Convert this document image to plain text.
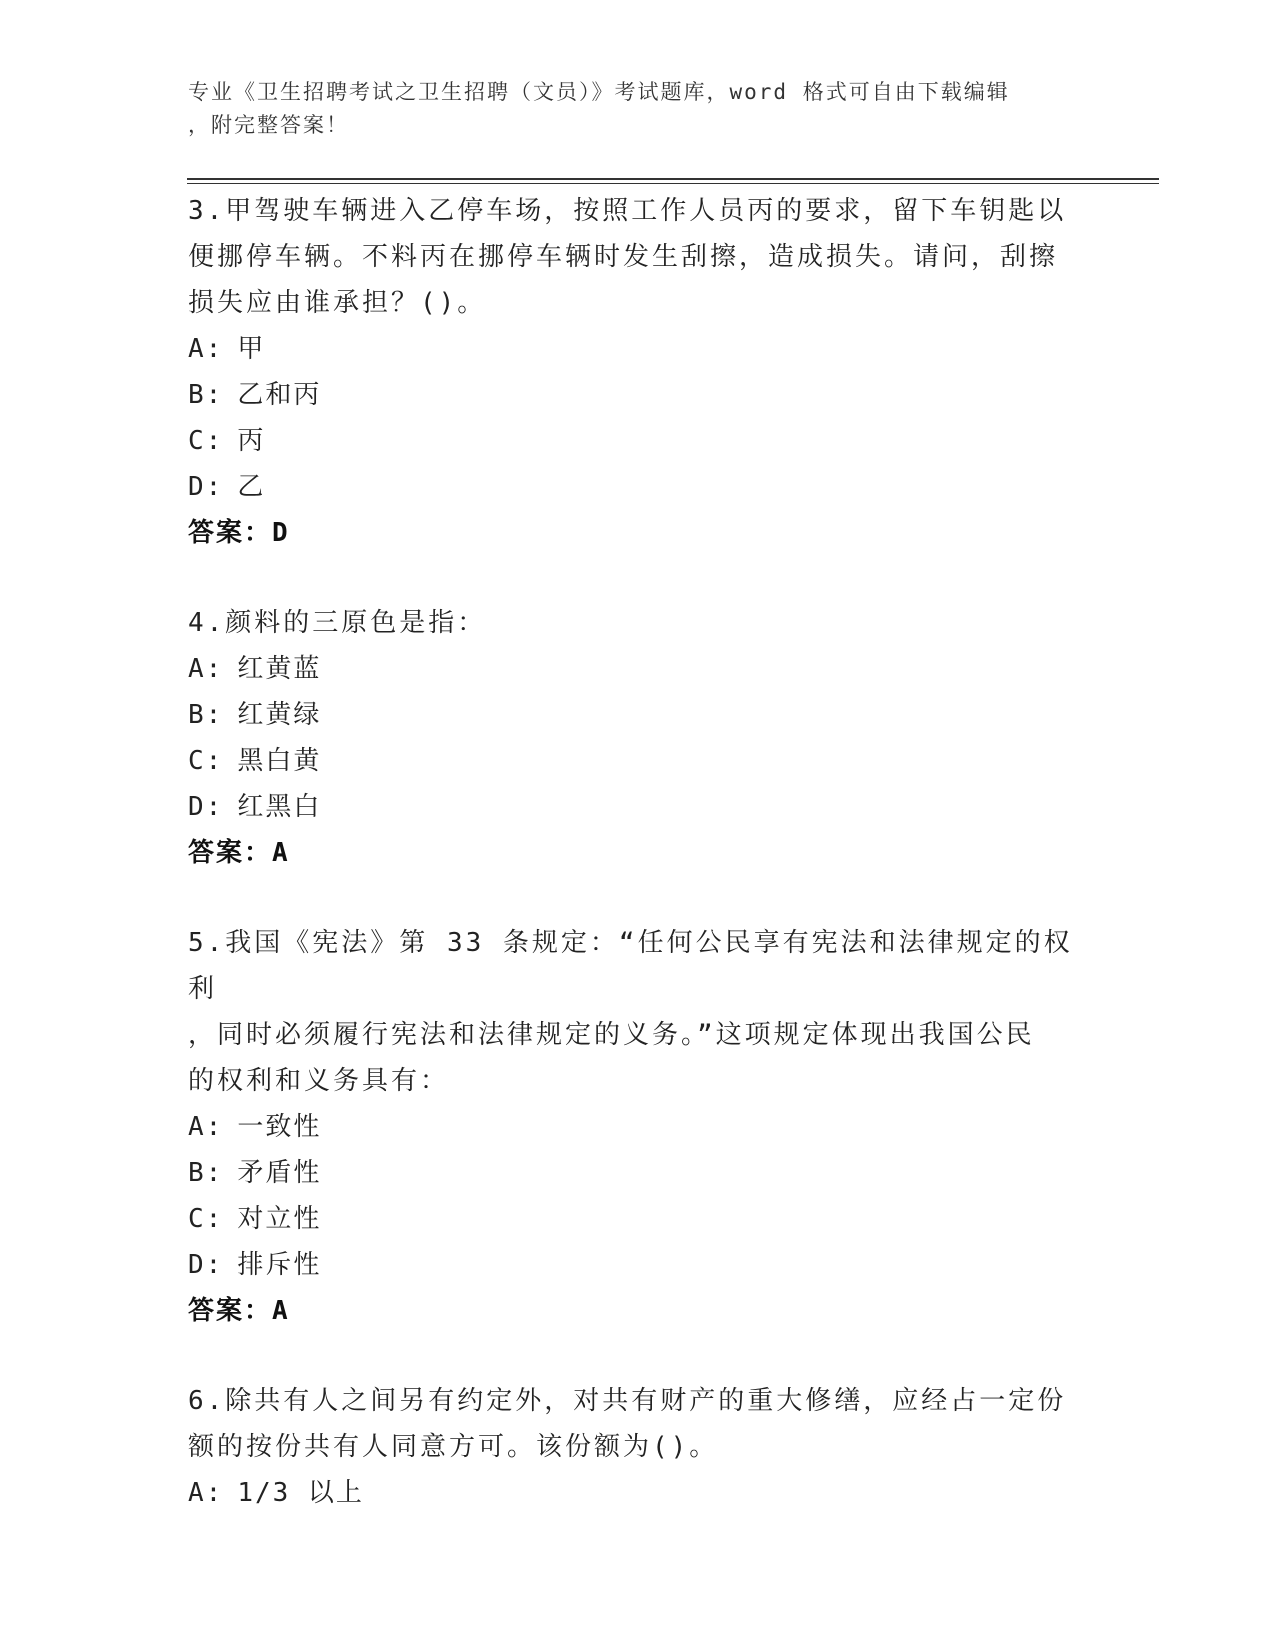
专业《卫生招聘考试之卫生招聘（文员）》考试题库，word 格式可自由下载编辑
，附完整答案！

3.甲驾驶车辆进入乙停车场，按照工作人员丙的要求，留下车钥匙以

便挪停车辆。不料丙在挪停车辆时发生刮擦，造成损失。请问，刮擦

损失应由谁承担？()。

A: 甲

B: 乙和丙

C: 丙

D: 乙

答案：D

4.颜料的三原色是指：

A: 红黄蓝

B: 红黄绿

C: 黑白黄

D: 红黑白

答案：A

5.我国《宪法》第 33 条规定：“任何公民享有宪法和法律规定的权利

，同时必须履行宪法和法律规定的义务。”这项规定体现出我国公民

的权利和义务具有：

A: 一致性

B: 矛盾性

C: 对立性

D: 排斥性

答案：A

6.除共有人之间另有约定外，对共有财产的重大修缮，应经占一定份

额的按份共有人同意方可。该份额为()。

A: 1/3 以上
